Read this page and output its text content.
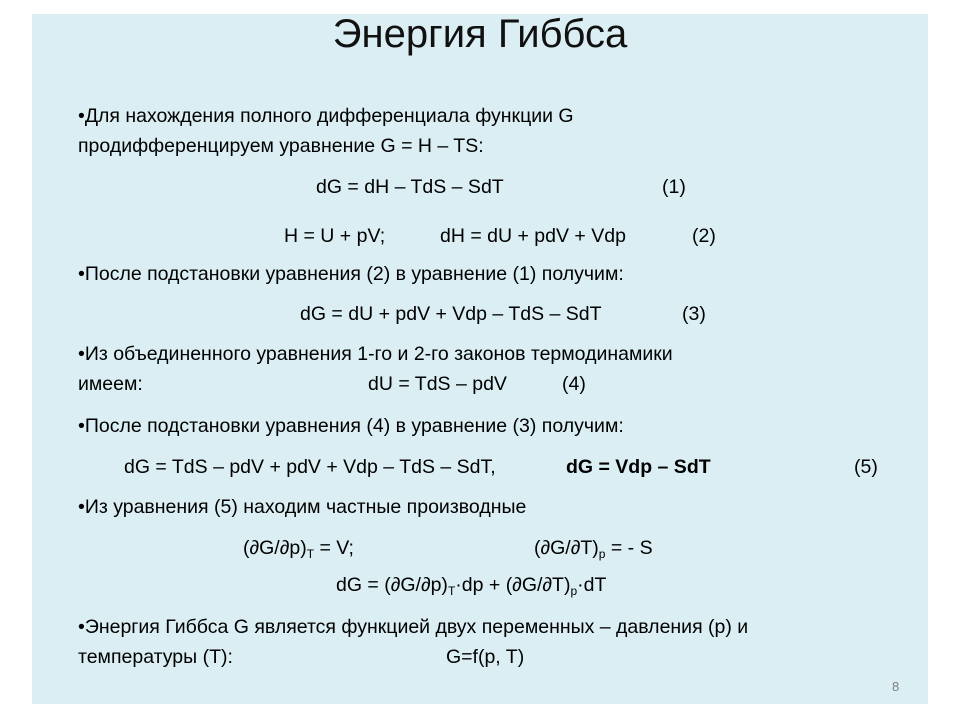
Энергия Гиббса
•Для нахождения полного дифференциала функции G
продифференцируем уравнение G = H – TS:
dG = dH – TdS – SdT	(1)
H = U + pV;	dH = dU + pdV + Vdp	(2)
•После подстановки уравнения (2) в уравнение (1) получим:
dG = dU + pdV + Vdp – TdS – SdT	(3)
•Из объединенного уравнения 1-го и 2-го законов термодинамики
имеем:	dU = TdS – pdV	(4)
•После подстановки уравнения (4) в уравнение (3) получим:
dG = TdS – pdV + pdV + Vdp – TdS – SdT,	dG = Vdp – SdT	(5)
•Из уравнения (5) находим частные производные
$(\partial G/\partial p)_T = V$;	$(\partial G/\partial T)_p$ = - S
dG = $(\partial G/\partial p)_T\cdot dp + (\partial G/\partial T)_p\cdot dT$
•Энергия Гиббса G является функцией двух переменных – давления (p) и
температуры (T):	G=f(p, T)
8
